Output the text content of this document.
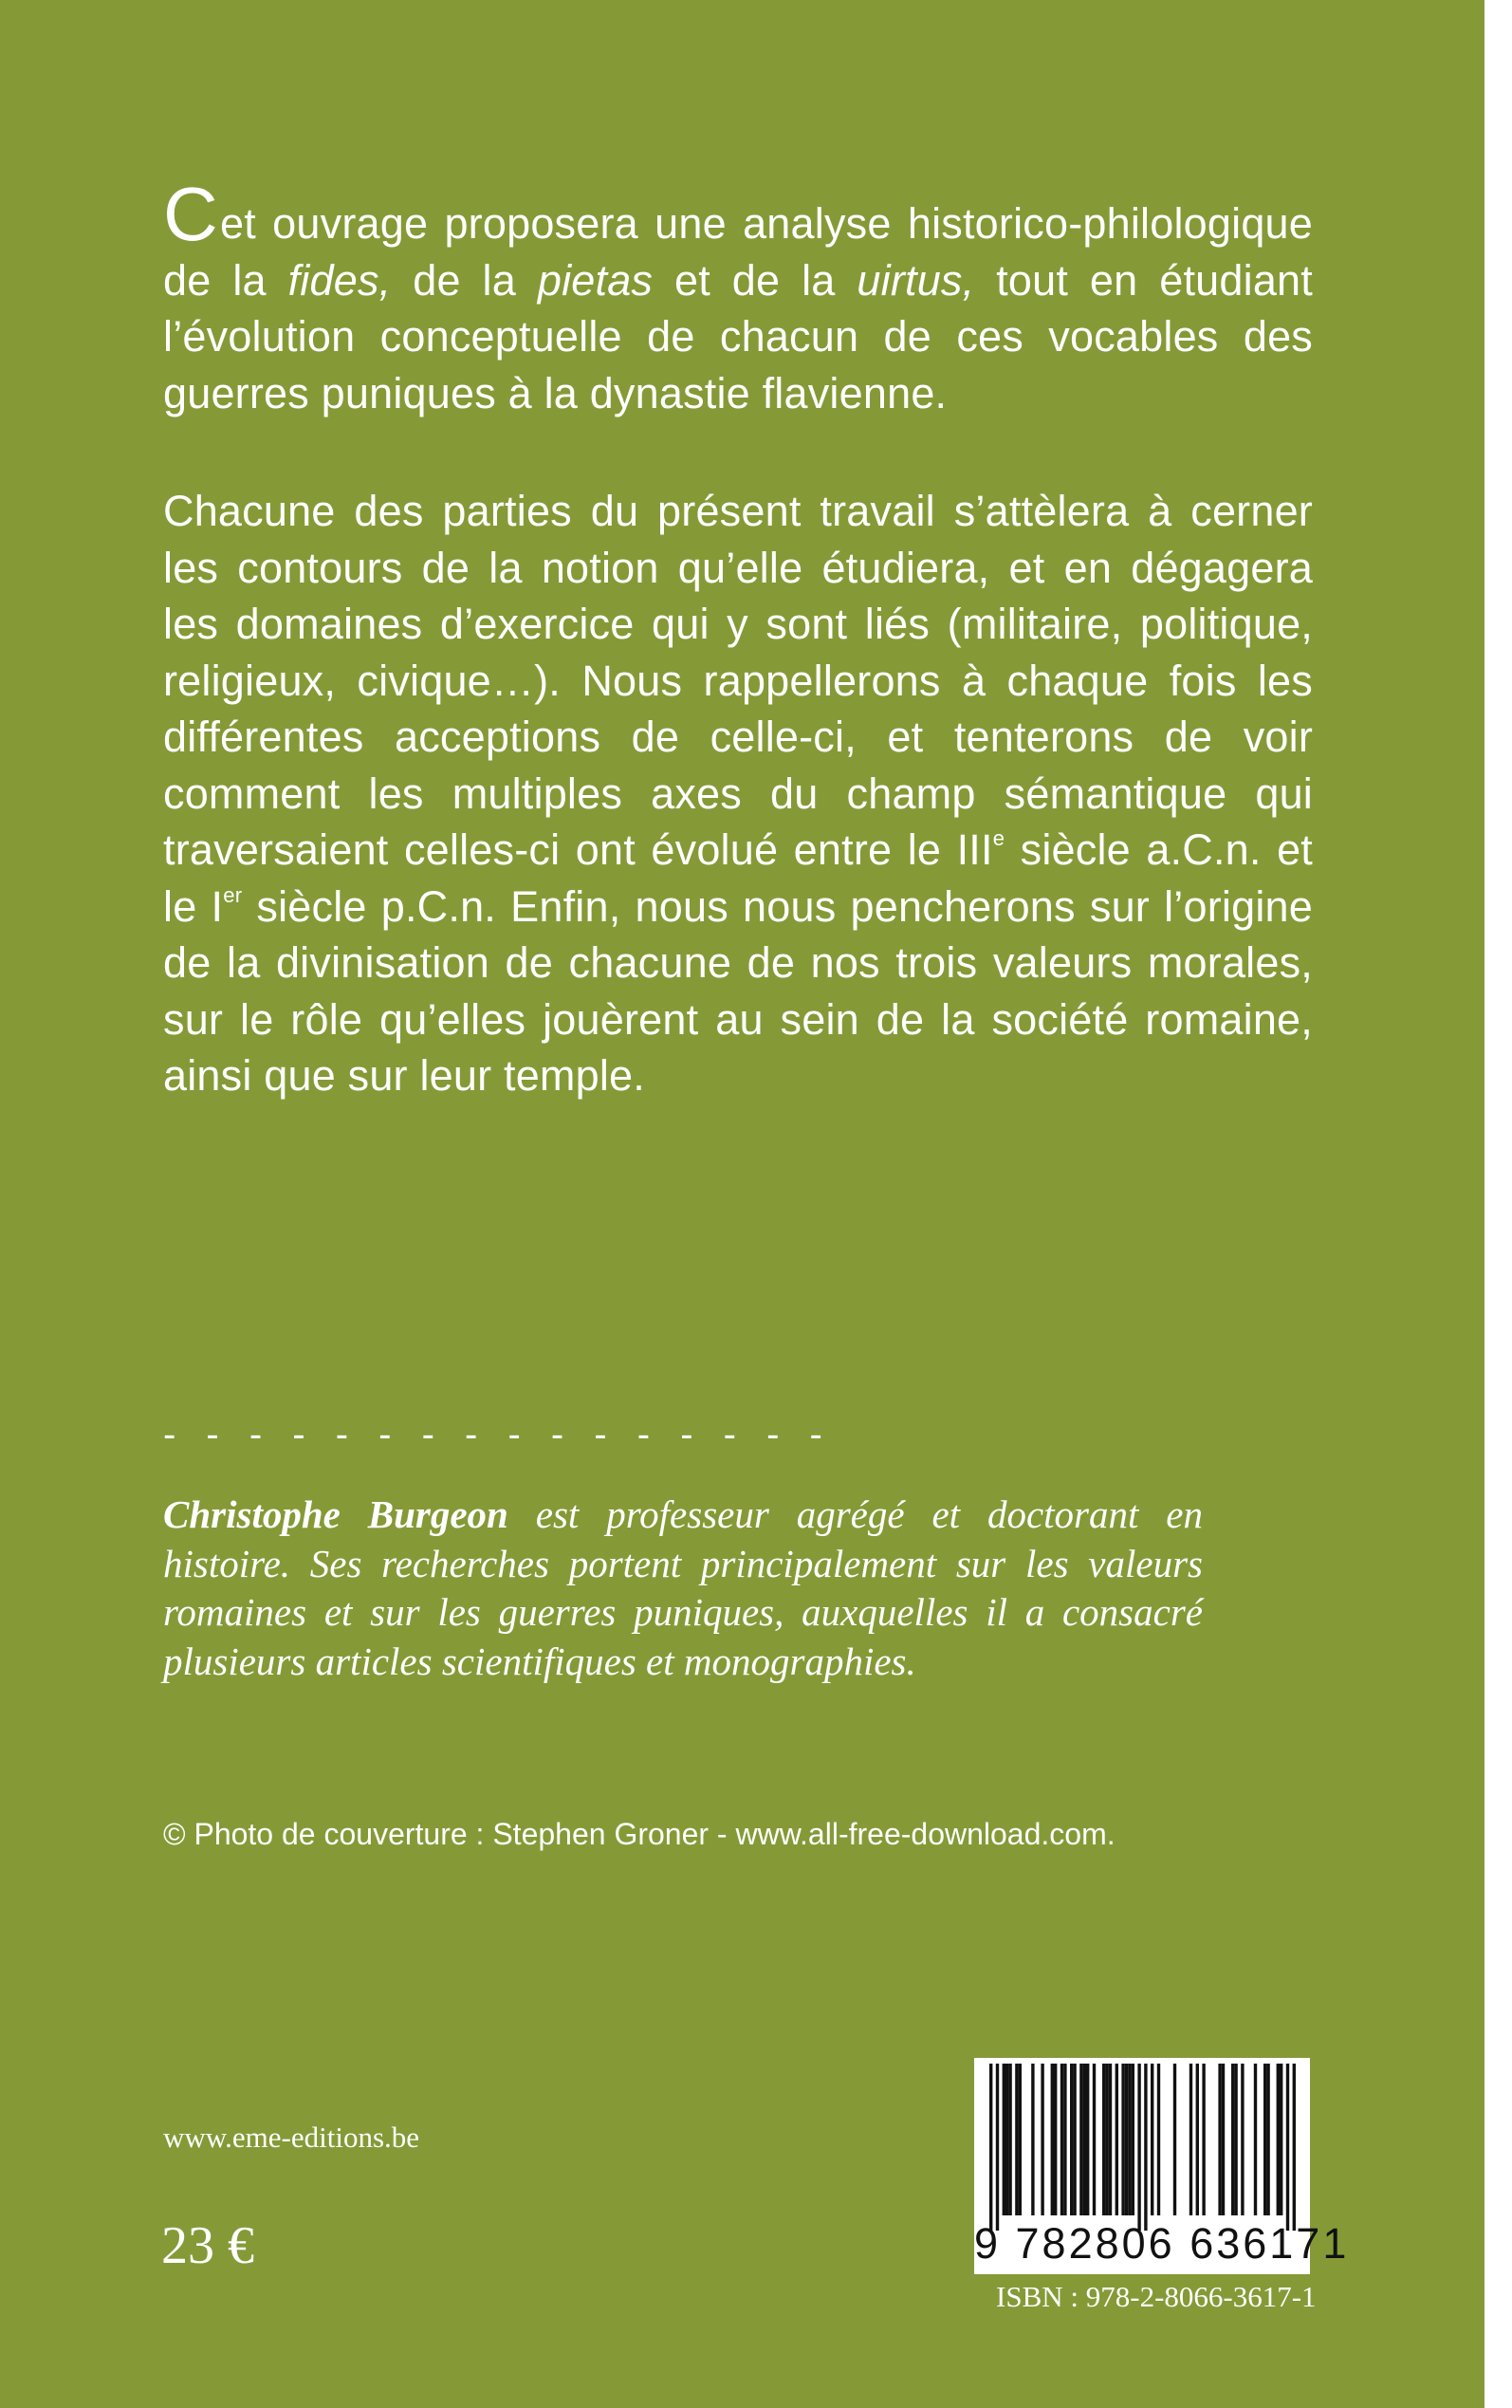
Cet ouvrage proposera une analyse historico-philologique de la fides, de la pietas et de la uirtus, tout en étudiant l’évolution conceptuelle de chacun de ces vocables des guerres puniques à la dynastie flavienne.

Chacune des parties du présent travail s’attèlera à cerner les contours de la notion qu’elle étudiera, et en dégagera les domaines d’exercice qui y sont liés (militaire, politique, religieux, civique…). Nous rappellerons à chaque fois les différentes acceptions de celle-ci, et tenterons de voir comment les multiples axes du champ sémantique qui traversaient celles-ci ont évolué entre le IIIe siècle a.C.n. et le Ier siècle p.C.n. Enfin, nous nous pencherons sur l’origine de la divinisation de chacune de nos trois valeurs morales, sur le rôle qu’elles jouèrent au sein de la société romaine, ainsi que sur leur temple.

- - - - - - - - - - - - - - - -

Christophe Burgeon est professeur agrégé et doctorant en histoire. Ses recherches portent principalement sur les valeurs romaines et sur les guerres puniques, auxquelles il a consacré plusieurs articles scientifiques et monographies.

© Photo de couverture : Stephen Groner - www.all-free-download.com.
www.eme-editions.be
23 €	9 782806 636171
ISBN : 978-2-8066-3617-1
